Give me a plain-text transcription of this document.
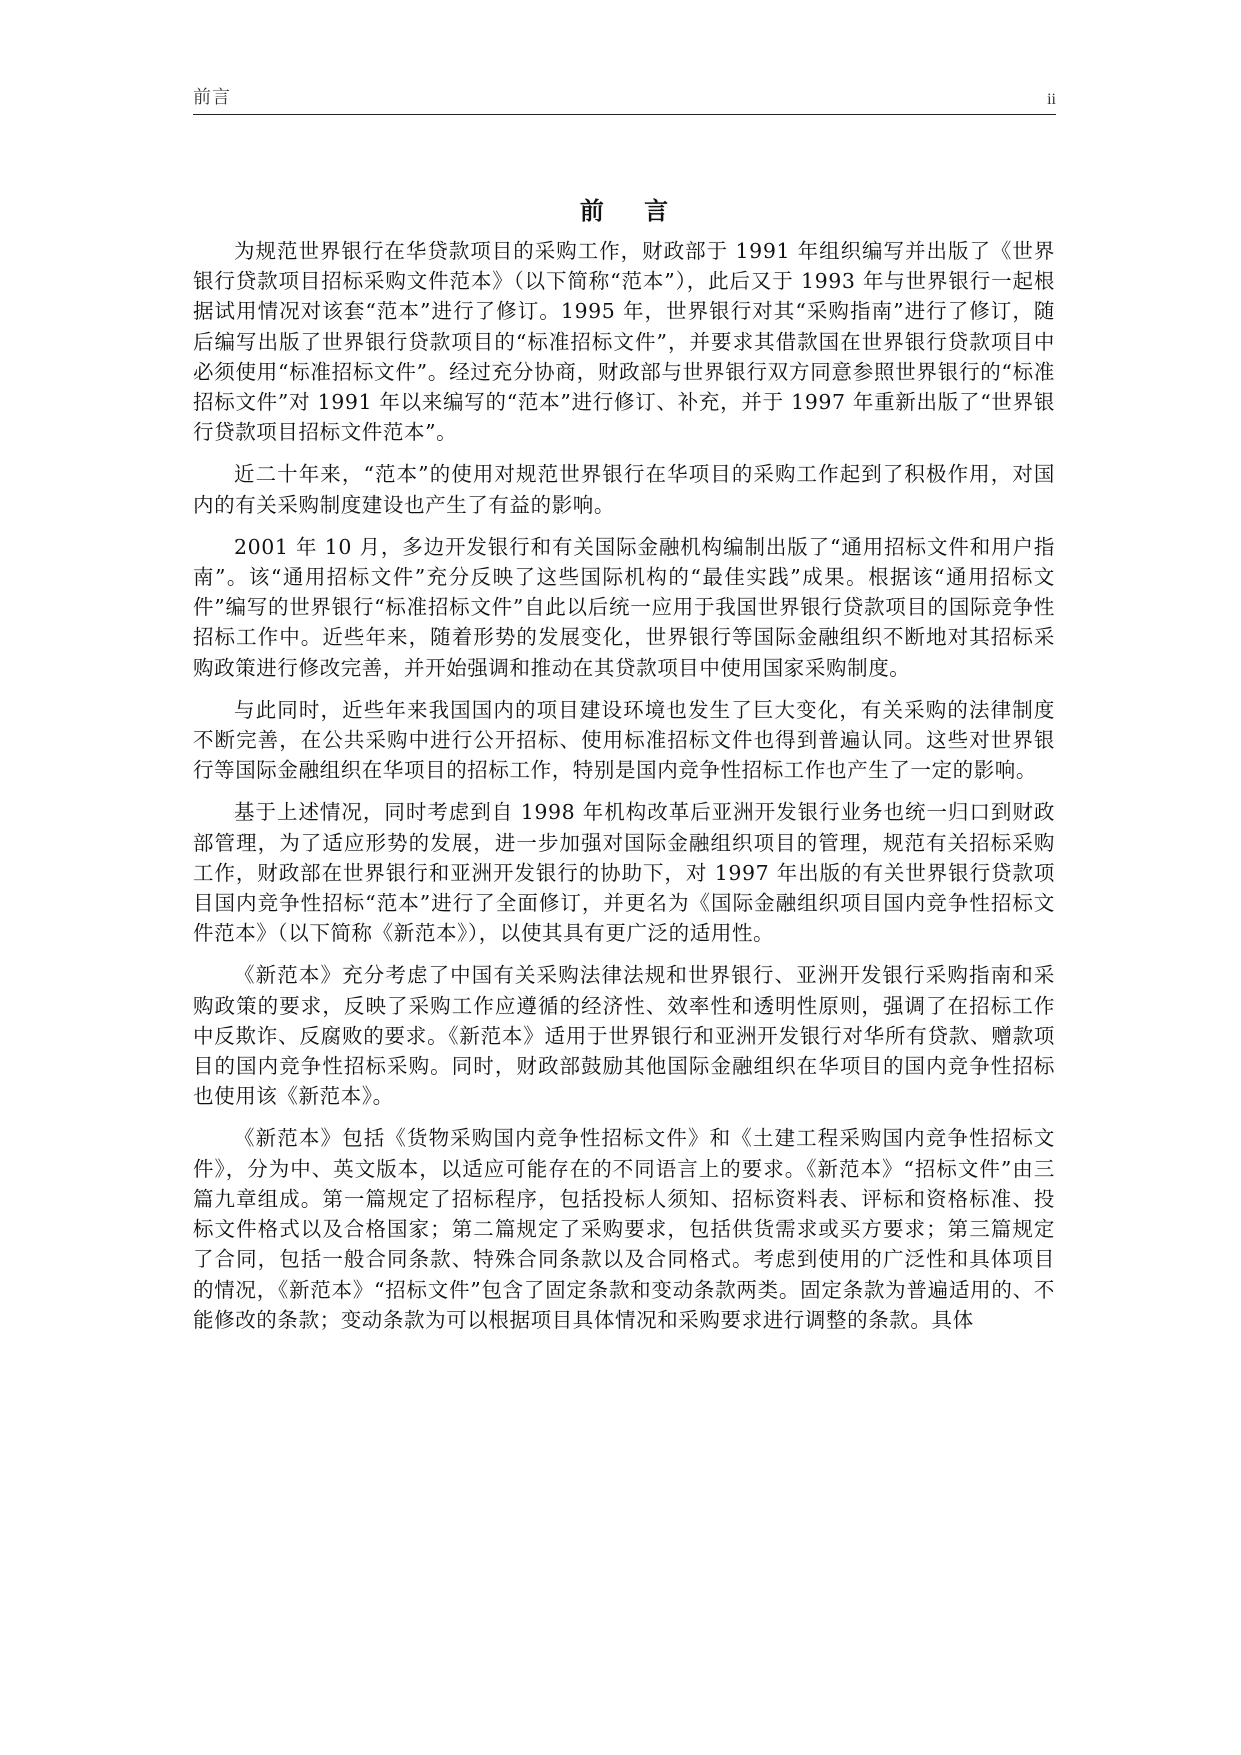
前言	ii
前 言

为规范世界银行在华贷款项目的采购工作，财政部于 1991 年组织编写并出版了《世界银行贷款项目招标采购文件范本》（以下简称“范本”），此后又于 1993 年与世界银行一起根据试用情况对该套“范本”进行了修订。1995 年，世界银行对其“采购指南”进行了修订，随后编写出版了世界银行贷款项目的“标准招标文件”，并要求其借款国在世界银行贷款项目中必须使用“标准招标文件”。经过充分协商，财政部与世界银行双方同意参照世界银行的“标准招标文件”对 1991 年以来编写的“范本”进行修订、补充，并于 1997 年重新出版了“世界银行贷款项目招标文件范本”。

近二十年来，“范本”的使用对规范世界银行在华项目的采购工作起到了积极作用，对国内的有关采购制度建设也产生了有益的影响。

2001 年 10 月，多边开发银行和有关国际金融机构编制出版了“通用招标文件和用户指南”。该“通用招标文件”充分反映了这些国际机构的“最佳实践”成果。根据该“通用招标文件”编写的世界银行“标准招标文件”自此以后统一应用于我国世界银行贷款项目的国际竞争性招标工作中。近些年来，随着形势的发展变化，世界银行等国际金融组织不断地对其招标采购政策进行修改完善，并开始强调和推动在其贷款项目中使用国家采购制度。

与此同时，近些年来我国国内的项目建设环境也发生了巨大变化，有关采购的法律制度不断完善，在公共采购中进行公开招标、使用标准招标文件也得到普遍认同。这些对世界银行等国际金融组织在华项目的招标工作，特别是国内竞争性招标工作也产生了一定的影响。

基于上述情况，同时考虑到自 1998 年机构改革后亚洲开发银行业务也统一归口到财政部管理，为了适应形势的发展，进一步加强对国际金融组织项目的管理，规范有关招标采购工作，财政部在世界银行和亚洲开发银行的协助下，对 1997 年出版的有关世界银行贷款项目国内竞争性招标“范本”进行了全面修订，并更名为《国际金融组织项目国内竞争性招标文件范本》（以下简称《新范本》），以使其具有更广泛的适用性。

《新范本》充分考虑了中国有关采购法律法规和世界银行、亚洲开发银行采购指南和采购政策的要求，反映了采购工作应遵循的经济性、效率性和透明性原则，强调了在招标工作中反欺诈、反腐败的要求。《新范本》适用于世界银行和亚洲开发银行对华所有贷款、赠款项目的国内竞争性招标采购。同时，财政部鼓励其他国际金融组织在华项目的国内竞争性招标也使用该《新范本》。

《新范本》包括《货物采购国内竞争性招标文件》和《土建工程采购国内竞争性招标文件》，分为中、英文版本，以适应可能存在的不同语言上的要求。《新范本》“招标文件”由三篇九章组成。第一篇规定了招标程序，包括投标人须知、招标资料表、评标和资格标准、投标文件格式以及合格国家；第二篇规定了采购要求，包括供货需求或买方要求；第三篇规定了合同，包括一般合同条款、特殊合同条款以及合同格式。考虑到使用的广泛性和具体项目的情况，《新范本》“招标文件”包含了固定条款和变动条款两类。固定条款为普遍适用的、不能修改的条款；变动条款为可以根据项目具体情况和采购要求进行调整的条款。具体
